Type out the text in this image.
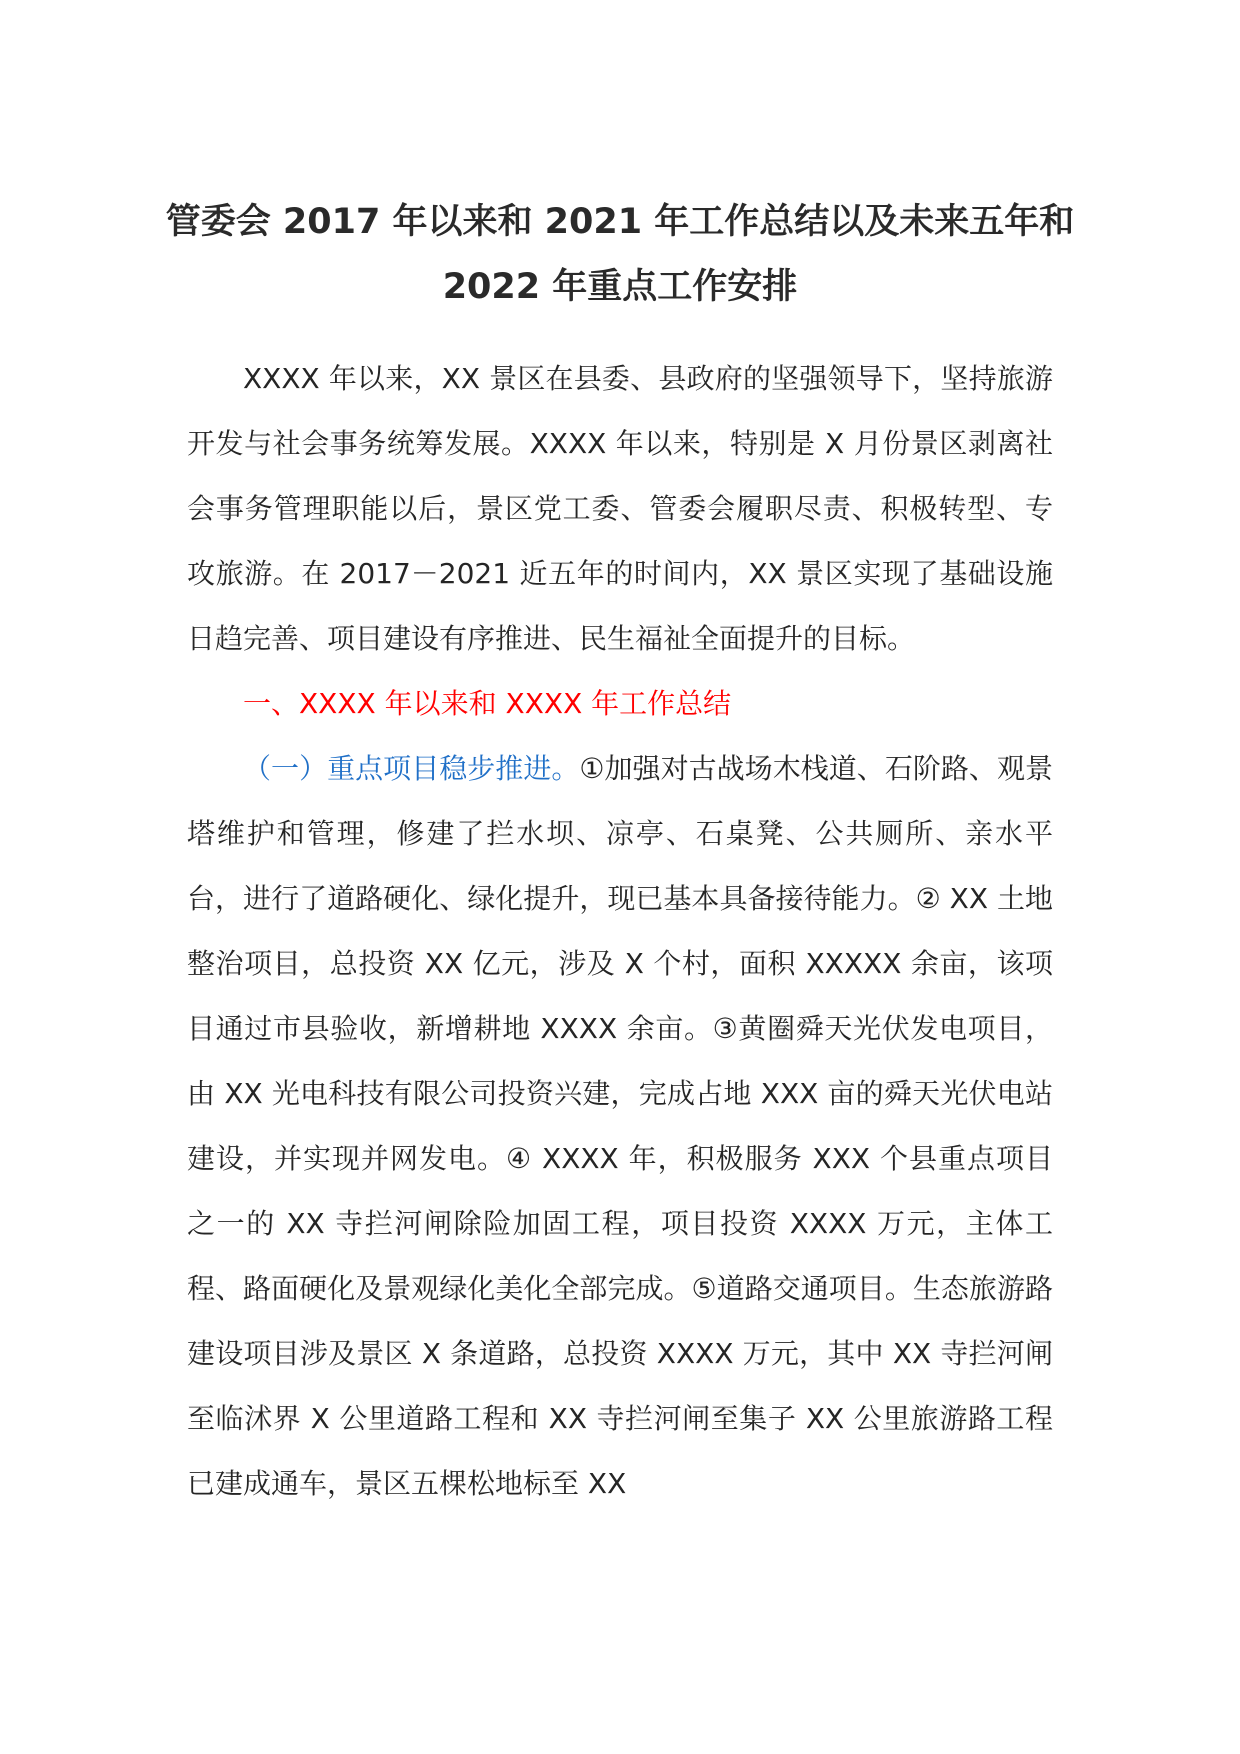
管委会 2017 年以来和 2021 年工作总结以及未来五年和
2022 年重点工作安排

XXXX 年以来，XX 景区在县委、县政府的坚强领导下，坚持旅游开发与社会事务统筹发展。XXXX 年以来，特别是 X 月份景区剥离社会事务管理职能以后，景区党工委、管委会履职尽责、积极转型、专攻旅游。在 2017－2021 近五年的时间内，XX 景区实现了基础设施日趋完善、项目建设有序推进、民生福祉全面提升的目标。

一、XXXX 年以来和 XXXX 年工作总结

（一）重点项目稳步推进。①加强对古战场木栈道、石阶路、观景塔维护和管理，修建了拦水坝、凉亭、石桌凳、公共厕所、亲水平台，进行了道路硬化、绿化提升，现已基本具备接待能力。② XX 土地整治项目，总投资 XX 亿元，涉及 X 个村，面积 XXXXX 余亩，该项目通过市县验收，新增耕地 XXXX 余亩。③黄圈舜天光伏发电项目，由 XX 光电科技有限公司投资兴建，完成占地 XXX 亩的舜天光伏电站建设，并实现并网发电。④ XXXX 年，积极服务 XXX 个县重点项目之一的 XX 寺拦河闸除险加固工程，项目投资 XXXX 万元，主体工程、路面硬化及景观绿化美化全部完成。⑤道路交通项目。生态旅游路建设项目涉及景区 X 条道路，总投资 XXXX 万元，其中 XX 寺拦河闸至临沭界 X 公里道路工程和 XX 寺拦河闸至集子 XX 公里旅游路工程已建成通车，景区五棵松地标至 XX
